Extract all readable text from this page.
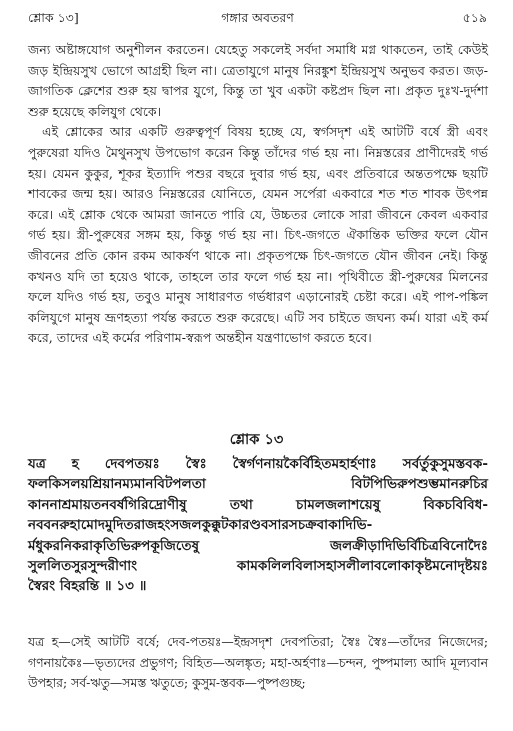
শ্লোক ১৩]	গঙ্গার অবতরণ	৫১৯

জন্য অষ্টাঙ্গযোগ অনুশীলন করতেন। যেহেতু সকলেই সর্বদা সমাধি মগ্ন থাকতেন, তাই কেউই জড় ইন্দ্রিয়সুখ ভোগে আগ্রহী ছিল না। ত্রেতাযুগে মানুষ নিরঙ্কুশ ইন্দ্রিয়সুখ অনুভব করত। জড়-জাগতিক ক্লেশের শুরু হয় দ্বাপর যুগে, কিন্তু তা খুব একটা কষ্টপ্রদ ছিল না। প্রকৃত দুঃখ-দুর্দশা শুরু হয়েছে কলিযুগ থেকে।

এই শ্লোকের আর একটি গুরুত্বপূর্ণ বিষয় হচ্ছে যে, স্বর্গসদৃশ এই আটটি বর্ষে স্ত্রী এবং পুরুষেরা যদিও মৈথুনসুখ উপভোগ করেন কিন্তু তাঁদের গর্ভ হয় না। নিম্নস্তরের প্রাণীদেরই গর্ভ হয়। যেমন কুকুর, শূকর ইত্যাদি পশুর বছরে দুবার গর্ভ হয়, এবং প্রতিবারে অন্ততপক্ষে ছয়টি শাবকের জন্ম হয়। আরও নিম্নস্তরের যোনিতে, যেমন সর্পেরা একবারে শত শত শাবক উৎপন্ন করে। এই শ্লোক থেকে আমরা জানতে পারি যে, উচ্চতর লোকে সারা জীবনে কেবল একবার গর্ভ হয়। স্ত্রী-পুরুষের সঙ্গম হয়, কিন্তু গর্ভ হয় না। চিৎ-জগতে ঐকান্তিক ভক্তির ফলে যৌন জীবনের প্রতি কোন রকম আকর্ষণ থাকে না। প্রকৃতপক্ষে চিৎ-জগতে যৌন জীবন নেই। কিন্তু কখনও যদি তা হয়েও থাকে, তাহলে তার ফলে গর্ভ হয় না। পৃথিবীতে স্ত্রী-পুরুষের মিলনের ফলে যদিও গর্ভ হয়, তবুও মানুষ সাধারণত গর্ভধারণ এড়ানোরই চেষ্টা করে। এই পাপ-পঙ্কিল কলিযুগে মানুষ ভ্রূণহত্যা পর্যন্ত করতে শুরু করেছে। এটি সব চাইতে জঘন্য কর্ম। যারা এই কর্ম করে, তাদের এই কর্মের পরিণাম-স্বরূপ অন্তহীন যন্ত্রণাভোগ করতে হবে।

শ্লোক ১৩
যত্র হ দেবপতয়ঃ স্বৈঃ স্বৈর্গণনায়কৈর্বিহিতমহার্হণাঃ সর্বর্তুকুসুমস্তবক-
ফলকিসলয়শ্রিয়ানম্যমানবিটপলতা বিটপিভিরুপশুম্ভমানরুচির
কাননাশ্রমায়তনবর্ষগিরিদ্রোণীষু তথা চামলজলাশয়েষু বিকচবিবিধ-
নববনরুহামোদমুদিতরাজহংসজলকুক্কুটকারণ্ডবসারসচক্রবাকাদিভি-
র্মধুকরনিকরাকৃতিভিরুপকূজিতেষু জলক্রীড়াদিভির্বিচিত্রবিনোদৈঃ
সুললিতসুরসুন্দরীণাং কামকলিলবিলাসহাসলীলাবলোকাকৃষ্টমনোদৃষ্টয়ঃ
স্বৈরং বিহরন্তি ॥ ১৩ ॥

যত্র হ—সেই আটটি বর্ষে; দেব-পতয়ঃ—ইন্দ্রসদৃশ দেবপতিরা; স্বৈঃ স্বৈঃ—তাঁদের নিজেদের; গণনায়কৈঃ—ভৃত্যদের প্রভুগণ; বিহিত—অলঙ্কৃত; মহা-অর্হণাঃ—চন্দন, পুষ্পমাল্য আদি মূল্যবান উপহার; সর্ব-ঋতু—সমস্ত ঋতুতে; কুসুম-স্তবক—পুষ্পগুচ্ছ;
